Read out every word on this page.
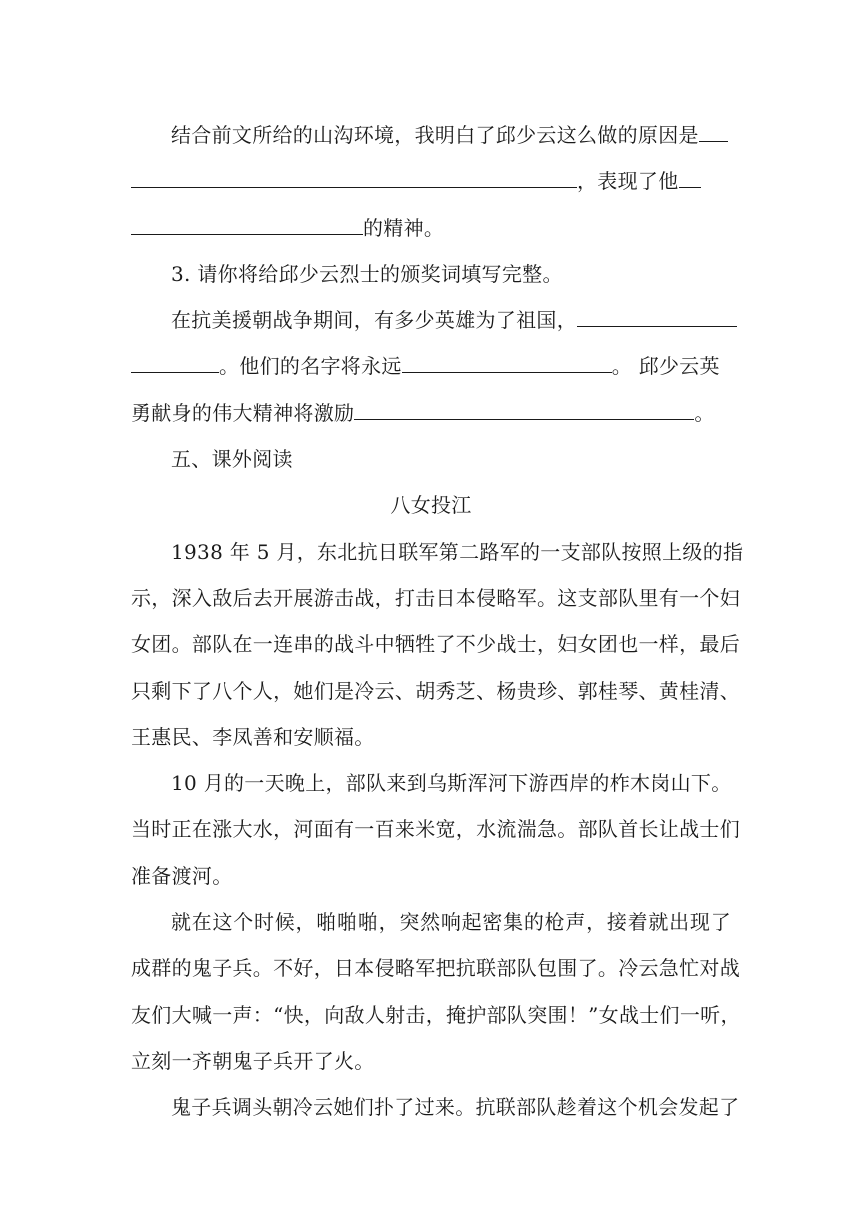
结合前文所给的山沟环境，我明白了邱少云这么做的原因是
，表现了他
的精神。
3. 请你将给邱少云烈士的颁奖词填写完整。
在抗美援朝战争期间，有多少英雄为了祖国，
。他们的名字将永远	。 邱少云英
勇献身的伟大精神将激励	。
五、课外阅读
八女投江
1938 年 5 月，东北抗日联军第二路军的一支部队按照上级的指
示，深入敌后去开展游击战，打击日本侵略军。这支部队里有一个妇
女团。部队在一连串的战斗中牺牲了不少战士，妇女团也一样，最后
只剩下了八个人，她们是冷云、胡秀芝、杨贵珍、郭桂琴、黄桂清、
王惠民、李凤善和安顺福。
10 月的一天晚上，部队来到乌斯浑河下游西岸的柞木岗山下。
当时正在涨大水，河面有一百来米宽，水流湍急。部队首长让战士们
准备渡河。
就在这个时候，啪啪啪，突然响起密集的枪声，接着就出现了
成群的鬼子兵。不好，日本侵略军把抗联部队包围了。冷云急忙对战
友们大喊一声：“快，向敌人射击，掩护部队突围！”女战士们一听，
立刻一齐朝鬼子兵开了火。
鬼子兵调头朝冷云她们扑了过来。抗联部队趁着这个机会发起了
